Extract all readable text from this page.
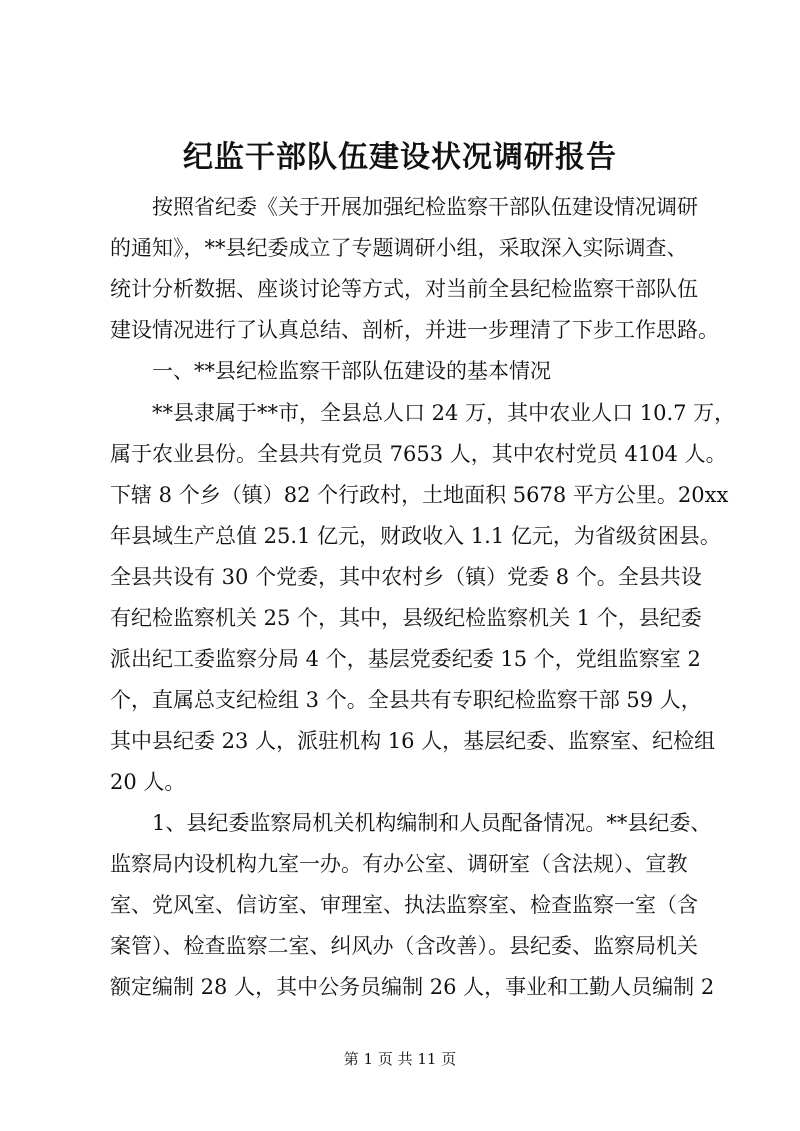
纪监干部队伍建设状况调研报告
按照省纪委《关于开展加强纪检监察干部队伍建设情况调研
的通知》，**县纪委成立了专题调研小组，采取深入实际调查、
统计分析数据、座谈讨论等方式，对当前全县纪检监察干部队伍
建设情况进行了认真总结、剖析，并进一步理清了下步工作思路。
一、**县纪检监察干部队伍建设的基本情况
**县隶属于**市，全县总人口 24 万，其中农业人口 10.7 万，
属于农业县份。全县共有党员 7653 人，其中农村党员 4104 人。
下辖 8 个乡（镇）82 个行政村，土地面积 5678 平方公里。20xx
年县域生产总值 25.1 亿元，财政收入 1.1 亿元，为省级贫困县。
全县共设有 30 个党委，其中农村乡（镇）党委 8 个。全县共设
有纪检监察机关 25 个，其中，县级纪检监察机关 1 个，县纪委
派出纪工委监察分局 4 个，基层党委纪委 15 个，党组监察室 2
个，直属总支纪检组 3 个。全县共有专职纪检监察干部 59 人，
其中县纪委 23 人，派驻机构 16 人，基层纪委、监察室、纪检组
20 人。
1、县纪委监察局机关机构编制和人员配备情况。**县纪委、
监察局内设机构九室一办。有办公室、调研室（含法规）、宣教
室、党风室、信访室、审理室、执法监察室、检查监察一室（含
案管）、检查监察二室、纠风办（含改善）。县纪委、监察局机关
额定编制 28 人，其中公务员编制 26 人，事业和工勤人员编制 2
第 1 页 共 11 页
